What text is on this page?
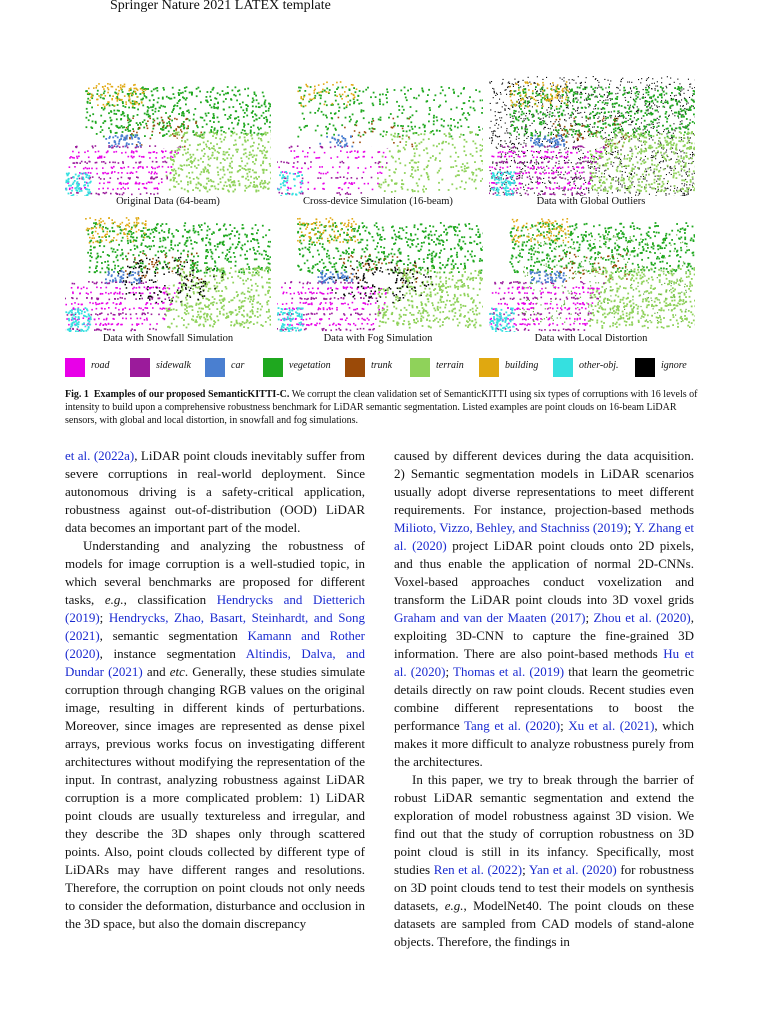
Springer Nature 2021 LATEX template
Original Data (64-beam)	Cross-device Simulation (16-beam)	Data with Global Outliers
Data with Snowfall Simulation	Data with Fog Simulation	Data with Local Distortion
road	sidewalk	car	vegetation	trunk	terrain	building	other-obj.	ignore
Fig. 1 Examples of our proposed SemanticKITTI-C. We corrupt the clean validation set of SemanticKITTI using six types of corruptions with 16 levels of intensity to build upon a comprehensive robustness benchmark for LiDAR semantic segmentation. Listed examples are point clouds on 16-beam LiDAR sensors, with global and local distortion, in snowfall and fog simulations.

et al. (2022a), LiDAR point clouds inevitably suffer from severe corruptions in real-world deployment. Since autonomous driving is a safety-critical application, robustness against out-of-distribution (OOD) LiDAR data becomes an important part of the model.

Understanding and analyzing the robustness of models for image corruption is a well-studied topic, in which several benchmarks are proposed for different tasks, e.g., classification Hendrycks and Dietterich (2019); Hendrycks, Zhao, Basart, Steinhardt, and Song (2021), semantic segmentation Kamann and Rother (2020), instance segmentation Altindis, Dalva, and Dundar (2021) and etc. Generally, these studies simulate corruption through changing RGB values on the original image, resulting in different kinds of perturbations. Moreover, since images are represented as dense pixel arrays, previous works focus on investigating different architectures without modifying the representation of the input. In contrast, analyzing robustness against LiDAR corruption is a more complicated problem: 1) LiDAR point clouds are usually textureless and irregular, and they describe the 3D shapes only through scattered points. Also, point clouds collected by different type of LiDARs may have different ranges and resolutions. Therefore, the corruption on point clouds not only needs to consider the deformation, disturbance and occlusion in the 3D space, but also the domain discrepancy

caused by different devices during the data acquisition. 2) Semantic segmentation models in LiDAR scenarios usually adopt diverse representations to meet different requirements. For instance, projection-based methods Milioto, Vizzo, Behley, and Stachniss (2019); Y. Zhang et al. (2020) project LiDAR point clouds onto 2D pixels, and thus enable the application of normal 2D-CNNs. Voxel-based approaches conduct voxelization and transform the LiDAR point clouds into 3D voxel grids Graham and van der Maaten (2017); Zhou et al. (2020), exploiting 3D-CNN to capture the fine-grained 3D information. There are also point-based methods Hu et al. (2020); Thomas et al. (2019) that learn the geometric details directly on raw point clouds. Recent studies even combine different representations to boost the performance Tang et al. (2020); Xu et al. (2021), which makes it more difficult to analyze robustness purely from the architectures.

In this paper, we try to break through the barrier of robust LiDAR semantic segmentation and extend the exploration of model robustness against 3D vision. We find out that the study of corruption robustness on 3D point cloud is still in its infancy. Specifically, most studies Ren et al. (2022); Yan et al. (2020) for robustness on 3D point clouds tend to test their models on synthesis datasets, e.g., ModelNet40. The point clouds on these datasets are sampled from CAD models of stand-alone objects. Therefore, the findings in
